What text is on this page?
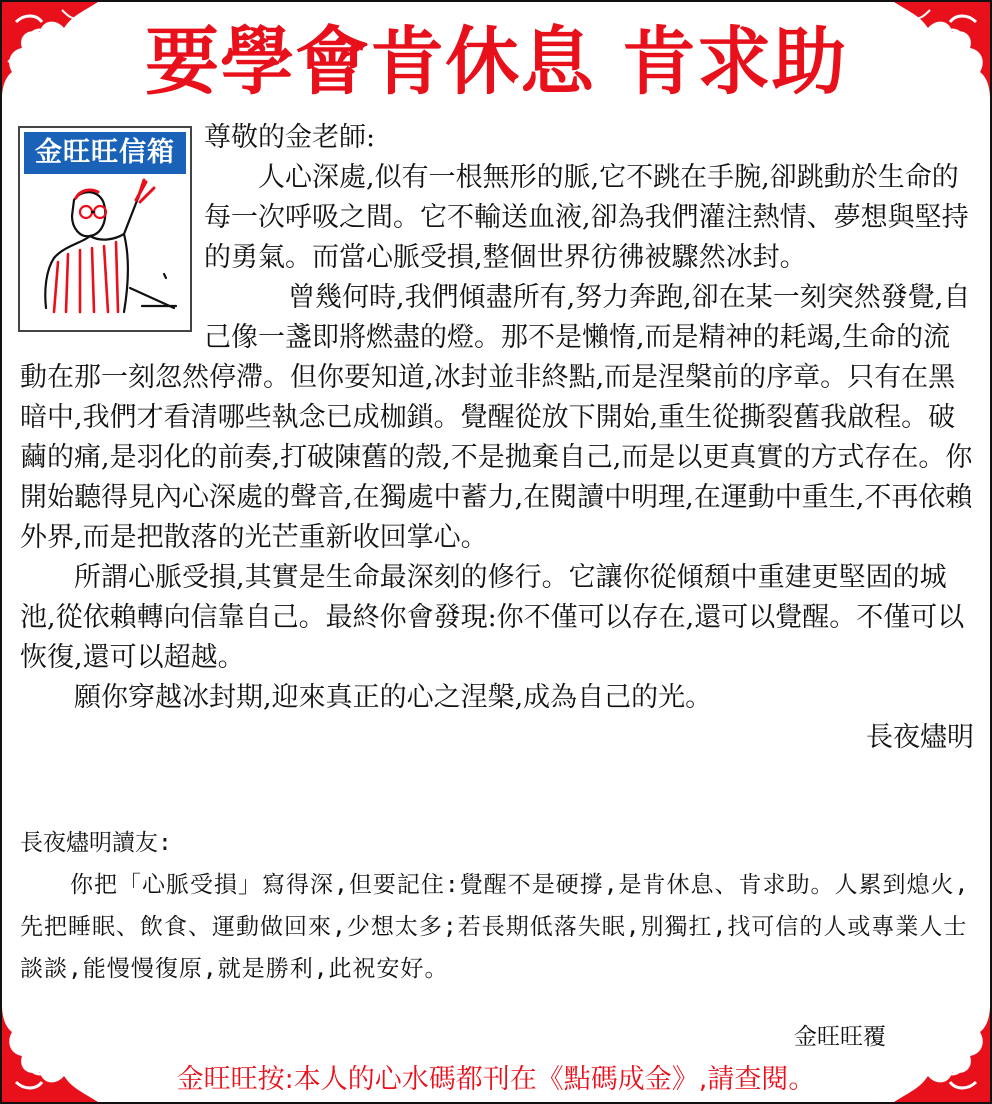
要學會肯休息 肯求助
金旺旺信箱	尊敬的金老師:

人心深處,似有一根無形的脈,它不跳在手腕,卻跳動於生命的每一次呼吸之間。它不輸送血液,卻為我們灌注熱情、夢想與堅持的勇氣。而當心脈受損,整個世界彷彿被驟然冰封。

曾幾何時,我們傾盡所有,努力奔跑,卻在某一刻突然發覺,自己像一盞即將燃盡的燈。那不是懶惰,而是精神的耗竭,生命的流動在那一刻忽然停滯。但你要知道,冰封並非終點,而是涅槃前的序章。只有在黑暗中,我們才看清哪些執念已成枷鎖。覺醒從放下開始,重生從撕裂舊我啟程。破繭的痛,是羽化的前奏,打破陳舊的殼,不是拋棄自己,而是以更真實的方式存在。你開始聽得見內心深處的聲音,在獨處中蓄力,在閱讀中明理,在運動中重生,不再依賴外界,而是把散落的光芒重新收回掌心。

所謂心脈受損,其實是生命最深刻的修行。它讓你從傾頹中重建更堅固的城池,從依賴轉向信靠自己。最終你會發現:你不僅可以存在,還可以覺醒。不僅可以恢復,還可以超越。

願你穿越冰封期,迎來真正的心之涅槃,成為自己的光。

長夜燼明

長夜燼明讀友:

你把「心脈受損」寫得深,但要記住:覺醒不是硬撐,是肯休息、肯求助。人累到熄火,先把睡眠、飲食、運動做回來,少想太多;若長期低落失眠,別獨扛,找可信的人或專業人士談談,能慢慢復原,就是勝利,此祝安好。

金旺旺覆
金旺旺按:本人的心水碼都刊在《點碼成金》,請查閱。
